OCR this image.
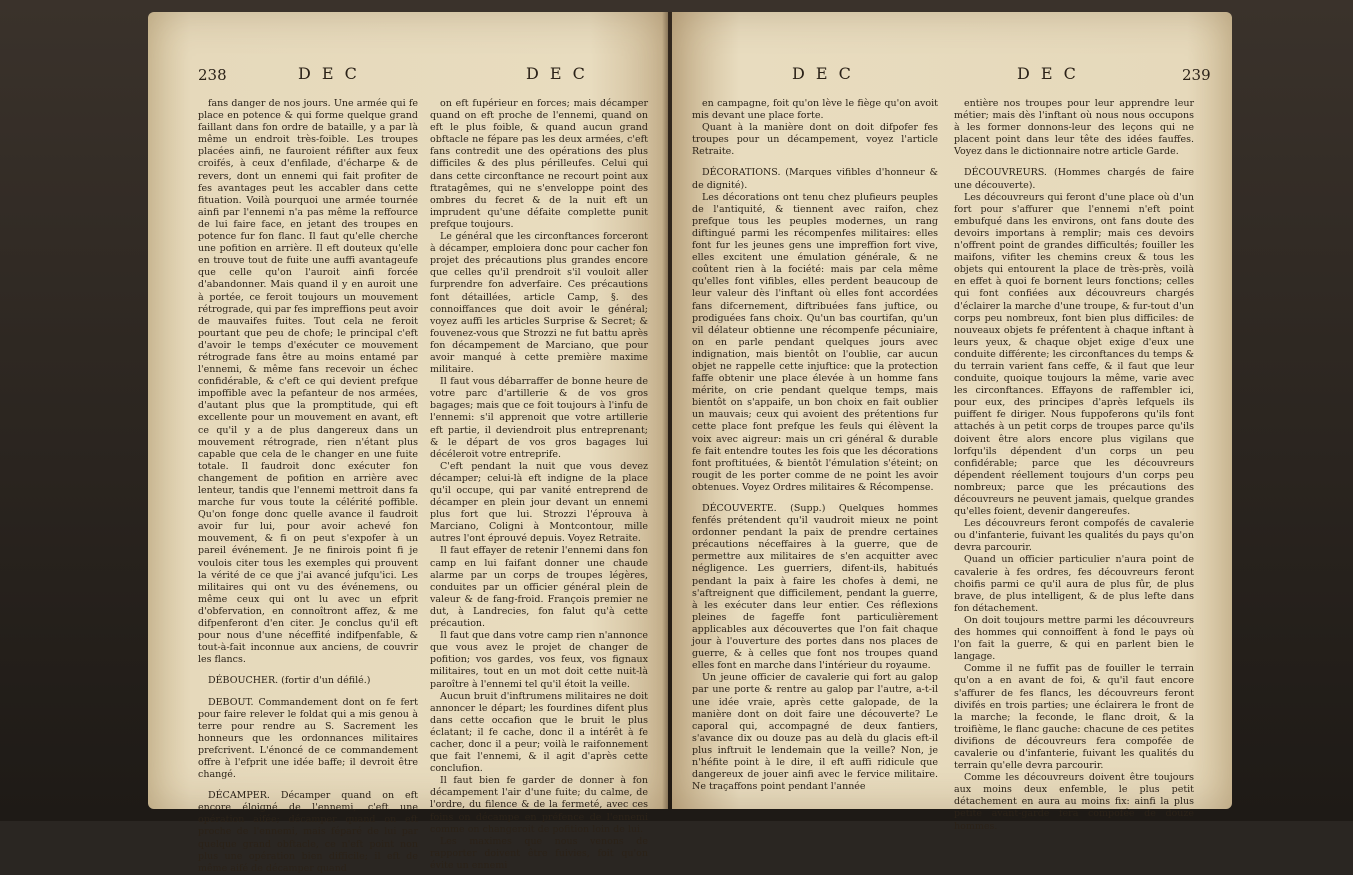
238	D E C	D E C

fans danger de nos jours. Une armée qui fe place en potence & qui forme quelque grand faillant dans fon ordre de bataille, y a par là même un endroit très-foible. Les troupes placées ainfi, ne fauroient réfifter aux feux croifés, à ceux d'enfilade, d'écharpe & de revers, dont un ennemi qui fait profiter de fes avantages peut les accabler dans cette fituation. Voilà pourquoi une armée tournée ainfi par l'ennemi n'a pas même la reffource de lui faire face, en jetant des troupes en potence fur fon flanc. Il faut qu'elle cherche une pofition en arrière. Il eft douteux qu'elle en trouve tout de fuite une auffi avantageufe que celle qu'on l'auroit ainfi forcée d'abandonner. Mais quand il y en auroit une à portée, ce feroit toujours un mouvement rétrograde, qui par fes impreffions peut avoir de mauvaifes fuites. Tout cela ne feroit pourtant que peu de chofe; le principal c'eft d'avoir le temps d'exécuter ce mouvement rétrograde fans être au moins entamé par l'ennemi, & même fans recevoir un échec confidérable, & c'eft ce qui devient prefque impoffible avec la pefanteur de nos armées, d'autant plus que la promptitude, qui eft excellente pour un mouvement en avant, eft ce qu'il y a de plus dangereux dans un mouvement rétrograde, rien n'étant plus capable que cela de le changer en une fuite totale. Il faudroit donc exécuter fon changement de pofition en arrière avec lenteur, tandis que l'ennemi mettroit dans fa marche fur vous toute la célérité poffible. Qu'on fonge donc quelle avance il faudroit avoir fur lui, pour avoir achevé fon mouvement, & fi on peut s'expofer à un pareil événement. Je ne finirois point fi je voulois citer tous les exemples qui prouvent la vérité de ce que j'ai avancé jufqu'ici. Les militaires qui ont vu des événemens, ou même ceux qui ont lu avec un efprit d'obfervation, en connoîtront affez, & me difpenferont d'en citer. Je conclus qu'il eft pour nous d'une néceffité indifpenfable, & tout-à-fait inconnue aux anciens, de couvrir les flancs.

DÉBOUCHER. (fortir d'un défilé.)

DEBOUT. Commandement dont on fe fert pour faire relever le foldat qui a mis genou à terre pour rendre au S. Sacrement les honneurs que les ordonnances militaires prefcrivent. L'énoncé de ce commandement offre à l'efprit une idée baffe; il devroit être changé.

DÉCAMPER. Décamper quand on eft encore éloigné de l'ennemi, c'eft une opération aifée; décamper quand on eft proche de l'ennemi, mais féparé de lui par quelque grand obftacle, ce n'eft point non plus une opération bien difficile; il eft de même aifé de décamper quand

on eft fupérieur en forces; mais décamper quand on eft proche de l'ennemi, quand on eft le plus foible, & quand aucun grand obftacle ne fépare pas les deux armées, c'eft fans contredit une des opérations des plus difficiles & des plus périlleufes. Celui qui dans cette circonftance ne recourt point aux ftratagêmes, qui ne s'enveloppe point des ombres du fecret & de la nuit eft un imprudent qu'une défaite complette punit prefque toujours.

Le général que les circonftances forceront à décamper, emploiera donc pour cacher fon projet des précautions plus grandes encore que celles qu'il prendroit s'il vouloit aller furprendre fon adverfaire. Ces précautions font détaillées, article Camp, §. des connoiffances que doit avoir le général; voyez auffi les articles Surprise & Secret; & fouvenez-vous que Strozzi ne fut battu après fon décampement de Marciano, que pour avoir manqué à cette première maxime militaire.

Il faut vous débarraffer de bonne heure de votre parc d'artillerie & de vos gros bagages; mais que ce foit toujours à l'infu de l'ennemi: s'il apprenoit que votre artillerie eft partie, il deviendroit plus entreprenant; & le départ de vos gros bagages lui décéleroit votre entreprife.

C'eft pendant la nuit que vous devez décamper; celui-là eft indigne de la place qu'il occupe, qui par vanité entreprend de décamper en plein jour devant un ennemi plus fort que lui. Strozzi l'éprouva à Marciano, Coligni à Montcontour, mille autres l'ont éprouvé depuis. Voyez Retraite.

Il faut effayer de retenir l'ennemi dans fon camp en lui faifant donner une chaude alarme par un corps de troupes légères, conduites par un officier général plein de valeur & de fang-froid. François premier ne dut, à Landrecies, fon falut qu'à cette précaution.

Il faut que dans votre camp rien n'annonce que vous avez le projet de changer de pofition; vos gardes, vos feux, vos fignaux militaires, tout en un mot doit cette nuit-là paroître à l'ennemi tel qu'il étoit la veille.

Aucun bruit d'inftrumens militaires ne doit annoncer le départ; les fourdines difent plus dans cette occafion que le bruit le plus éclatant; il fe cache, donc il a intérêt à fe cacher, donc il a peur; voilà le raifonnement que fait l'ennemi, & il agit d'après cette conclufion.

Il faut bien fe garder de donner à fon décampement l'air d'une fuite; du calme, de l'ordre, du filence & de la fermeté, avec ces foins on décampe en préfence de l'ennemi comme on changeroit de pofition loin de lui.

Les maximes que nous venons de rapporter doivent être fuivies, foit qu'on évite un ennemi

D E C	D E C	239

en campagne, foit qu'on lève le fiège qu'on avoit mis devant une place forte.

Quant à la manière dont on doit difpofer fes troupes pour un décampement, voyez l'article Retraite.

DÉCORATIONS. (Marques vifibles d'honneur & de dignité).

Les décorations ont tenu chez plufieurs peuples de l'antiquité, & tiennent avec raifon, chez prefque tous les peuples modernes, un rang diftingué parmi les récompenfes militaires: elles font fur les jeunes gens une impreffion fort vive, elles excitent une émulation générale, & ne coûtent rien à la fociété: mais par cela même qu'elles font vifibles, elles perdent beaucoup de leur valeur dès l'inftant où elles font accordées fans difcernement, diftribuées fans juftice, ou prodiguées fans choix. Qu'un bas courtifan, qu'un vil délateur obtienne une récompenfe pécuniaire, on en parle pendant quelques jours avec indignation, mais bientôt on l'oublie, car aucun objet ne rappelle cette injuftice: que la protection faffe obtenir une place élevée à un homme fans mérite, on crie pendant quelque temps, mais bientôt on s'appaife, un bon choix en fait oublier un mauvais; ceux qui avoient des prétentions fur cette place font prefque les feuls qui élèvent la voix avec aigreur: mais un cri général & durable fe fait entendre toutes les fois que les décorations font proftituées, & bientôt l'émulation s'éteint; on rougit de les porter comme de ne point les avoir obtenues. Voyez Ordres militaires & Récompense.

DÉCOUVERTE. (Supp.) Quelques hommes fenfés prétendent qu'il vaudroit mieux ne point ordonner pendant la paix de prendre certaines précautions néceffaires à la guerre, que de permettre aux militaires de s'en acquitter avec négligence. Les guerriers, difent-ils, habitués pendant la paix à faire les chofes à demi, ne s'aftreignent que difficilement, pendant la guerre, à les exécuter dans leur entier. Ces réflexions pleines de fageffe font particulièrement applicables aux découvertes que l'on fait chaque jour à l'ouverture des portes dans nos places de guerre, & à celles que font nos troupes quand elles font en marche dans l'intérieur du royaume.

Un jeune officier de cavalerie qui fort au galop par une porte & rentre au galop par l'autre, a-t-il une idée vraie, après cette galopade, de la manière dont on doit faire une découverte? Le caporal qui, accompagné de deux fantiers, s'avance dix ou douze pas au delà du glacis eft-il plus inftruit le lendemain que la veille? Non, je n'héfite point à le dire, il eft auffi ridicule que dangereux de jouer ainfi avec le fervice militaire. Ne traçaffons point pendant l'année

entière nos troupes pour leur apprendre leur métier; mais dès l'inftant où nous nous occupons à les former donnons-leur des leçons qui ne placent point dans leur tête des idées fauffes. Voyez dans le dictionnaire notre article Garde.

DÉCOUVREURS. (Hommes chargés de faire une découverte).

Les découvreurs qui feront d'une place où d'un fort pour s'affurer que l'ennemi n'eft point embufqué dans les environs, ont fans doute des devoirs importans à remplir; mais ces devoirs n'offrent point de grandes difficultés; fouiller les maifons, vifiter les chemins creux & tous les objets qui entourent la place de très-près, voilà en effet à quoi fe bornent leurs fonctions; celles qui font confiées aux découvreurs chargés d'éclairer la marche d'une troupe, & fur-tout d'un corps peu nombreux, font bien plus difficiles: de nouveaux objets fe préfentent à chaque inftant à leurs yeux, & chaque objet exige d'eux une conduite différente; les circonftances du temps & du terrain varient fans ceffe, & il faut que leur conduite, quoique toujours la même, varie avec les circonftances. Effayons de raffembler ici, pour eux, des principes d'après lefquels ils puiffent fe diriger. Nous fuppoferons qu'ils font attachés à un petit corps de troupes parce qu'ils doivent être alors encore plus vigilans que lorfqu'ils dépendent d'un corps un peu confidérable; parce que les découvreurs dépendent réellement toujours d'un corps peu nombreux; parce que les précautions des découvreurs ne peuvent jamais, quelque grandes qu'elles foient, devenir dangereufes.

Les découvreurs feront compofés de cavalerie ou d'infanterie, fuivant les qualités du pays qu'on devra parcourir.

Quand un officier particulier n'aura point de cavalerie à fes ordres, fes découvreurs feront choifis parmi ce qu'il aura de plus fûr, de plus brave, de plus intelligent, & de plus lefte dans fon détachement.

On doit toujours mettre parmi les découvreurs des hommes qui connoiffent à fond le pays où l'on fait la guerre, & qui en parlent bien le langage.

Comme il ne fuffit pas de fouiller le terrain qu'on a en avant de foi, & qu'il faut encore s'affurer de fes flancs, les découvreurs feront divifés en trois parties; une éclairera le front de la marche; la feconde, le flanc droit, & la troifième, le flanc gauche: chacune de ces petites divifions de découvreurs fera compofée de cavalerie ou d'infanterie, fuivant les qualités du terrain qu'elle devra parcourir.

Comme les découvreurs doivent être toujours aux moins deux enfemble, le plus petit détachement en aura au moins fix: ainfi la plus petite avant-garde fera compofée de douze hommes.
